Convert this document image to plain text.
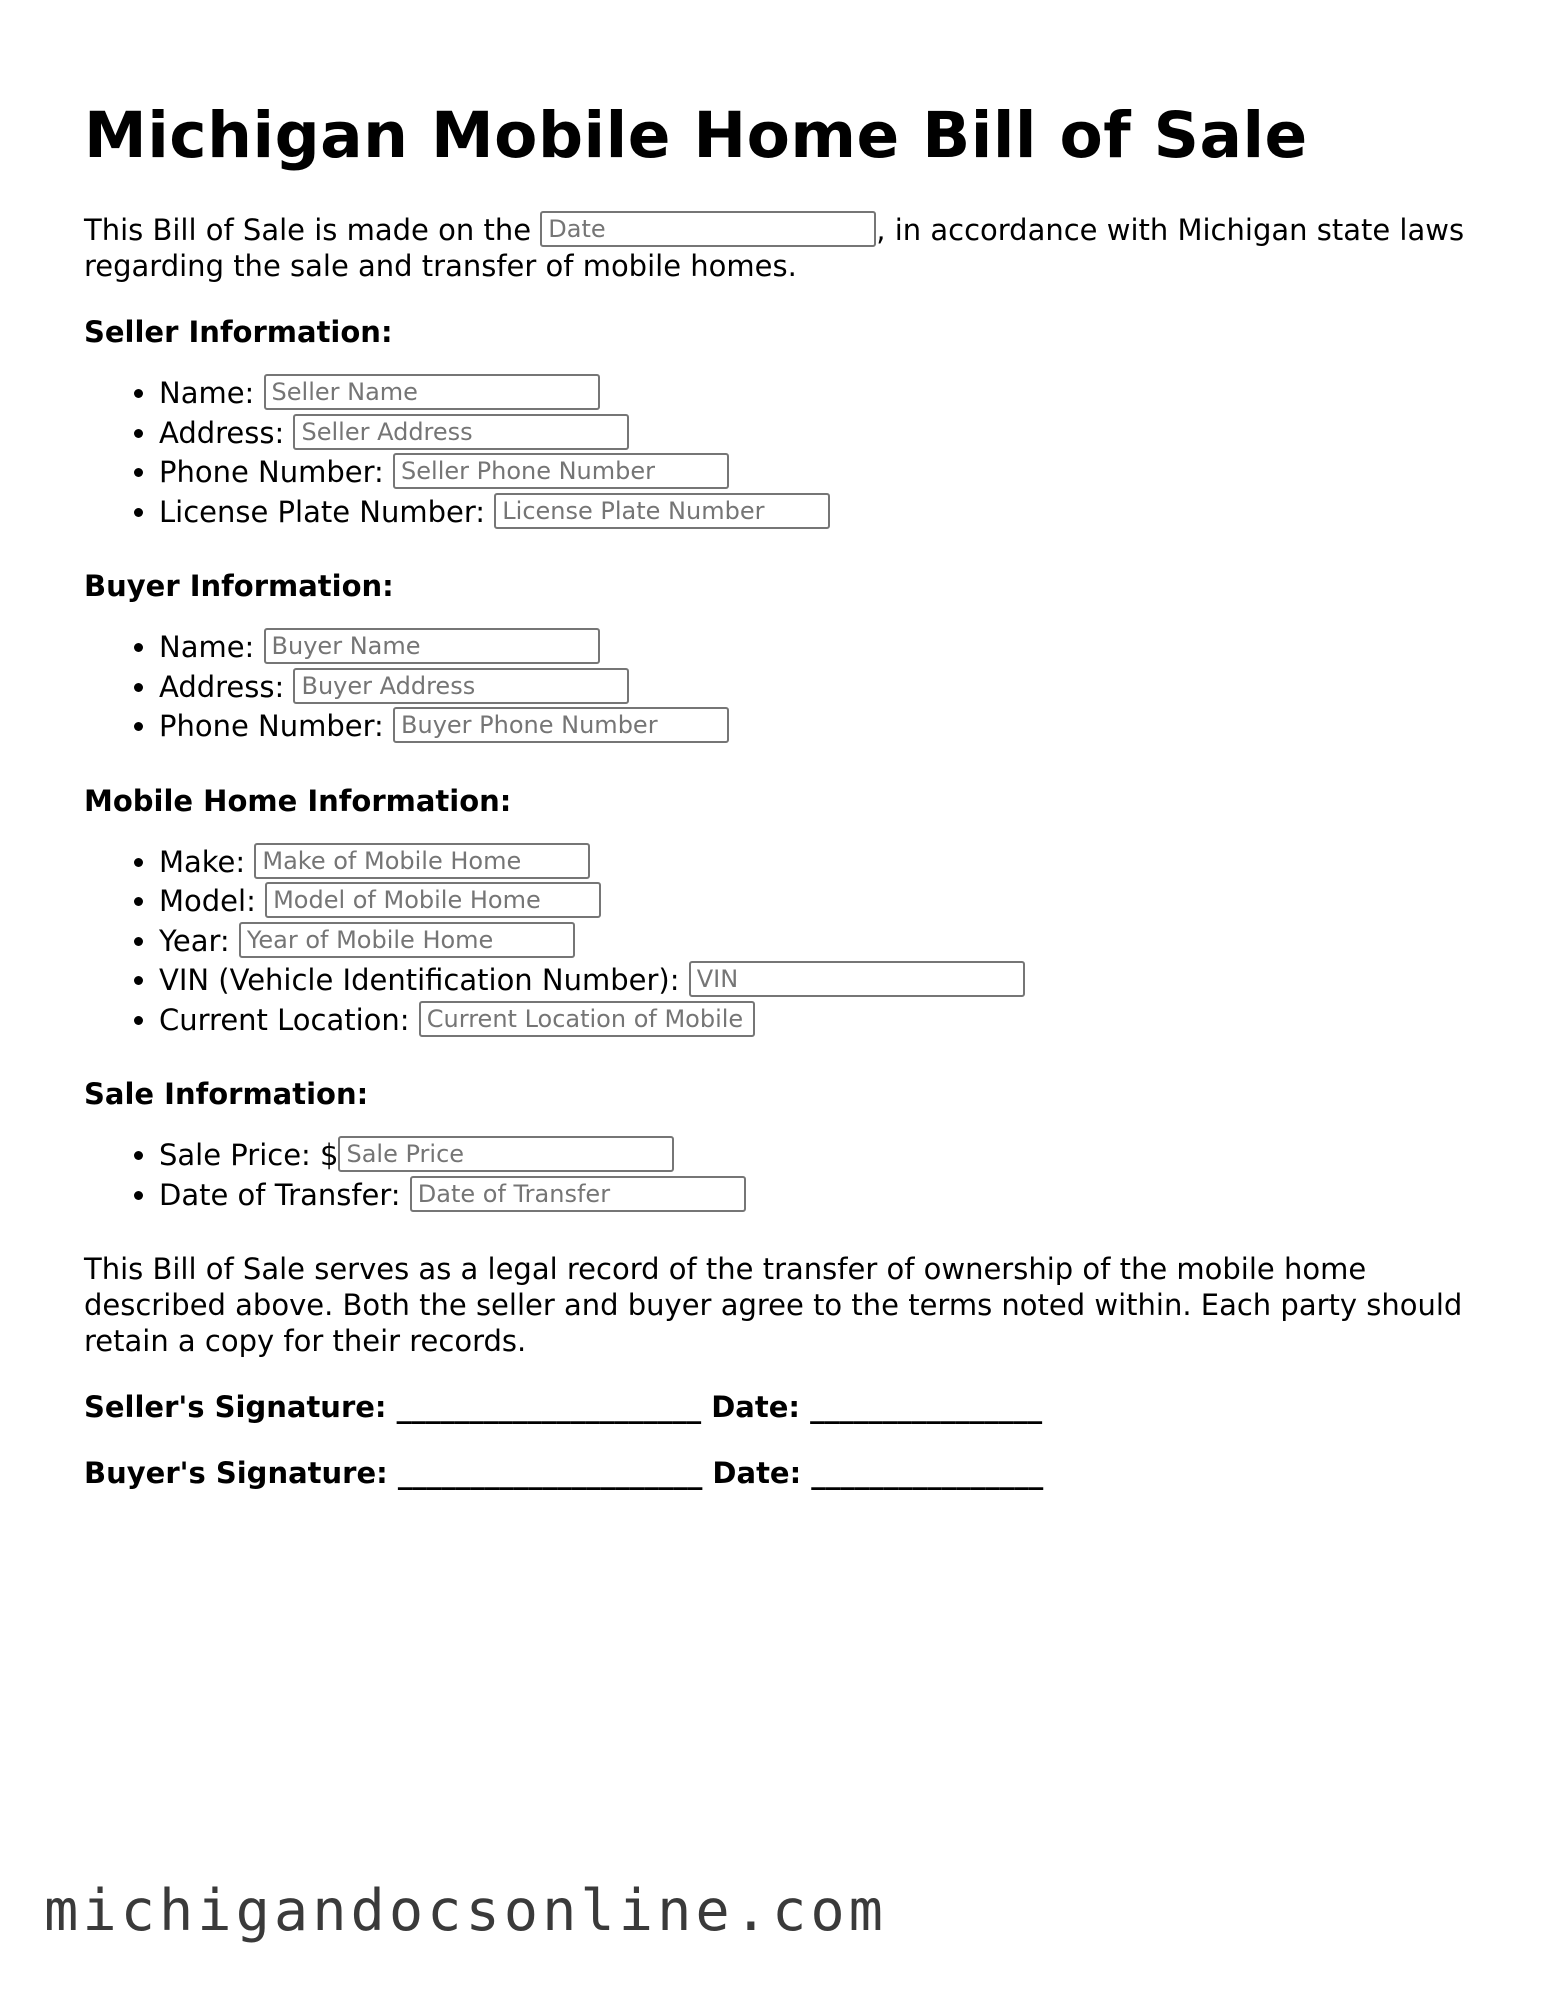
Michigan Mobile Home Bill of Sale

This Bill of Sale is made on the Date	, in accordance with Michigan state laws regarding the sale and transfer of mobile homes.

Seller Information:
• Name: Seller Name
• Address: Seller Address
• Phone Number: Seller Phone Number
• License Plate Number: License Plate Number
Buyer Information:
• Name: Buyer Name
• Address: Buyer Address
• Phone Number: Buyer Phone Number
Mobile Home Information:
• Make: Make of Mobile Home
• Model: Model of Mobile Home
• Year: Year of Mobile Home
• VIN (Vehicle Identification Number): VIN
• Current Location: Current Location of Mobile
Sale Information:
• Sale Price: $Sale Price
• Date of Transfer: Date of Transfer

This Bill of Sale serves as a legal record of the transfer of ownership of the mobile home described above. Both the seller and buyer agree to the terms noted within. Each party should retain a copy for their records.

Seller's Signature: _____________________ Date: ________________
Buyer's Signature: _____________________ Date: ________________
michigandocsonline.com
